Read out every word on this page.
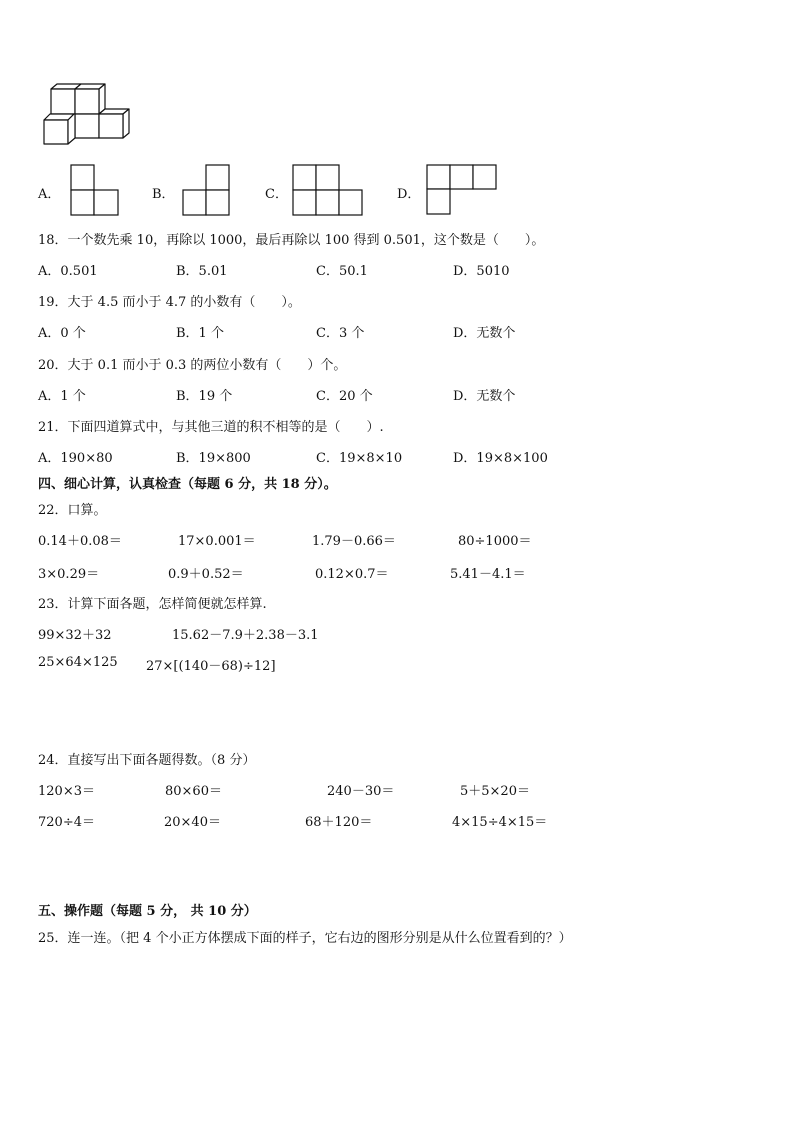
A．	B．	C．	D．
18．一个数先乘 10，再除以 1000，最后再除以 100 得到 0.501，这个数是（　　）。
A．0.501	B．5.01	C．50.1	D．5010
19．大于 4.5 而小于 4.7 的小数有（　　）。
A．0 个	B．1 个	C．3 个	D．无数个
20．大于 0.1 而小于 0.3 的两位小数有（　　）个。
A．1 个	B．19 个	C．20 个	D．无数个
21．下面四道算式中，与其他三道的积不相等的是（　　）.
A．190×80	B．19×800	C．19×8×10	D．19×8×100
四、细心计算，认真检查（每题 6 分，共 18 分）。
22．口算。
0.14＋0.08＝	17×0.001＝	1.79－0.66＝	80÷1000＝
3×0.29＝	0.9＋0.52＝	0.12×0.7＝	5.41－4.1＝
23．计算下面各题，怎样简便就怎样算.
99×32＋32	15.62－7.9＋2.38－3.1
25×64×125 27×[(140－68)÷12]
24．直接写出下面各题得数。（8 分）
120×3＝	80×60＝	240－30＝	5＋5×20＝
720÷4＝	20×40＝	68＋120＝	4×15÷4×15＝
五、操作题（每题 5 分， 共 10 分）
25．连一连。（把 4 个小正方体摆成下面的样子，它右边的图形分别是从什么位置看到的？）
